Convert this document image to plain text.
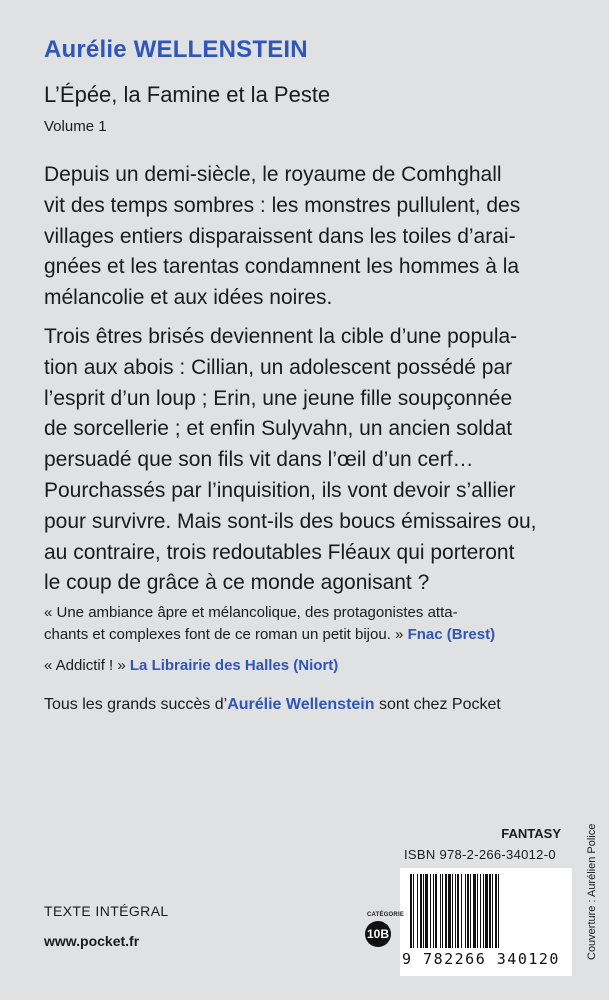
Aurélie WELLENSTEIN
L’Épée, la Famine et la Peste
Volume 1
Depuis un demi-siècle, le royaume de Comhghall
vit des temps sombres : les monstres pullulent, des
villages entiers disparaissent dans les toiles d’arai-
gnées et les tarentas condamnent les hommes à la
mélancolie et aux idées noires.
Trois êtres brisés deviennent la cible d’une popula-
tion aux abois : Cillian, un adolescent possédé par
l’esprit d’un loup ; Erin, une jeune fille soupçonnée
de sorcellerie ; et enfin Sulyvahn, un ancien soldat
persuadé que son fils vit dans l’œil d’un cerf…
Pourchassés par l’inquisition, ils vont devoir s’allier
pour survivre. Mais sont-ils des boucs émissaires ou,
au contraire, trois redoutables Fléaux qui porteront
le coup de grâce à ce monde agonisant ?
« Une ambiance âpre et mélancolique, des protagonistes atta-
chants et complexes font de ce roman un petit bijou. » Fnac (Brest)
« Addictif ! » La Librairie des Halles (Niort)
Tous les grands succès d’Aurélie Wellenstein sont chez Pocket
FANTASY
ISBN 978-2-266-34012-0
9 782266 340120
TEXTE INTÉGRAL
www.pocket.fr
CATÉGORIE
10B	Couverture : Aurélien Police
